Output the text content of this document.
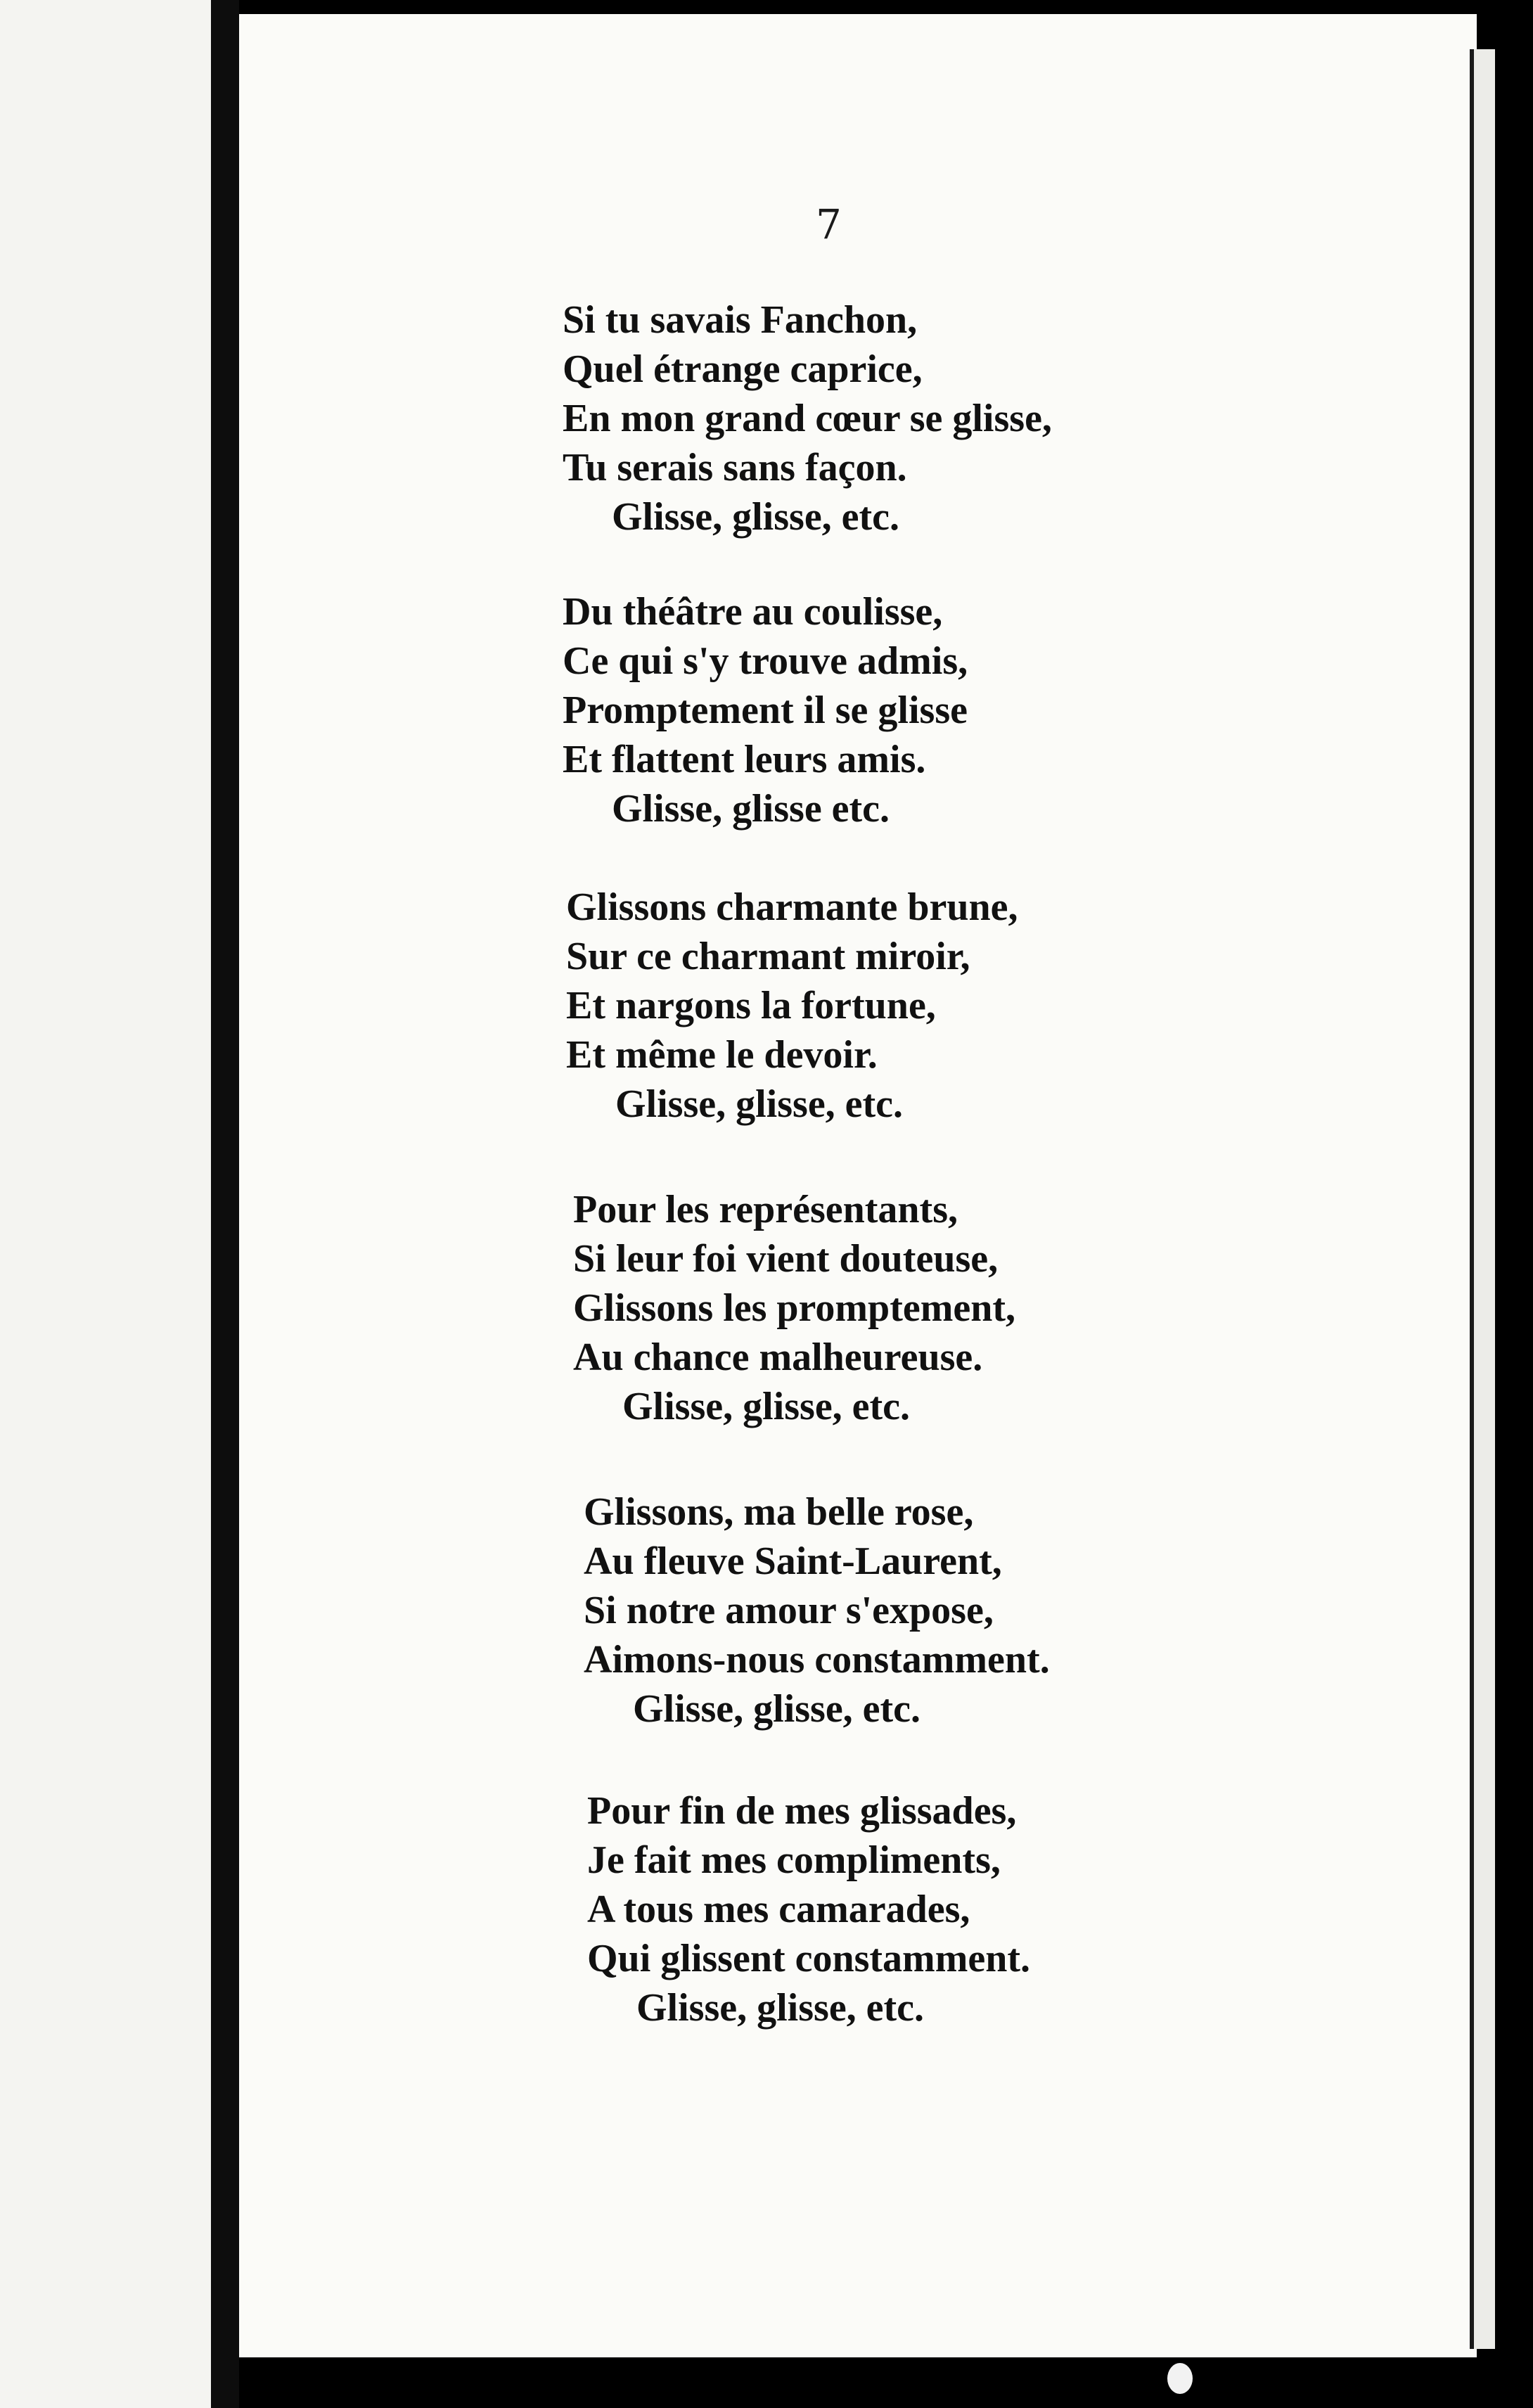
7
Si tu savais Fanchon,
Quel étrange caprice,
En mon grand cœur se glisse,
Tu serais sans façon.
Glisse, glisse, etc.
Du théâtre au coulisse,
Ce qui s'y trouve admis,
Promptement il se glisse
Et flattent leurs amis.
Glisse, glisse etc.
Glissons charmante brune,
Sur ce charmant miroir,
Et nargons la fortune,
Et même le devoir.
Glisse, glisse, etc.
Pour les représentants,
Si leur foi vient douteuse,
Glissons les promptement,
Au chance malheureuse.
Glisse, glisse, etc.
Glissons, ma belle rose,
Au fleuve Saint-Laurent,
Si notre amour s'expose,
Aimons-nous constamment.
Glisse, glisse, etc.
Pour fin de mes glissades,
Je fait mes compliments,
A tous mes camarades,
Qui glissent constamment.
Glisse, glisse, etc.
